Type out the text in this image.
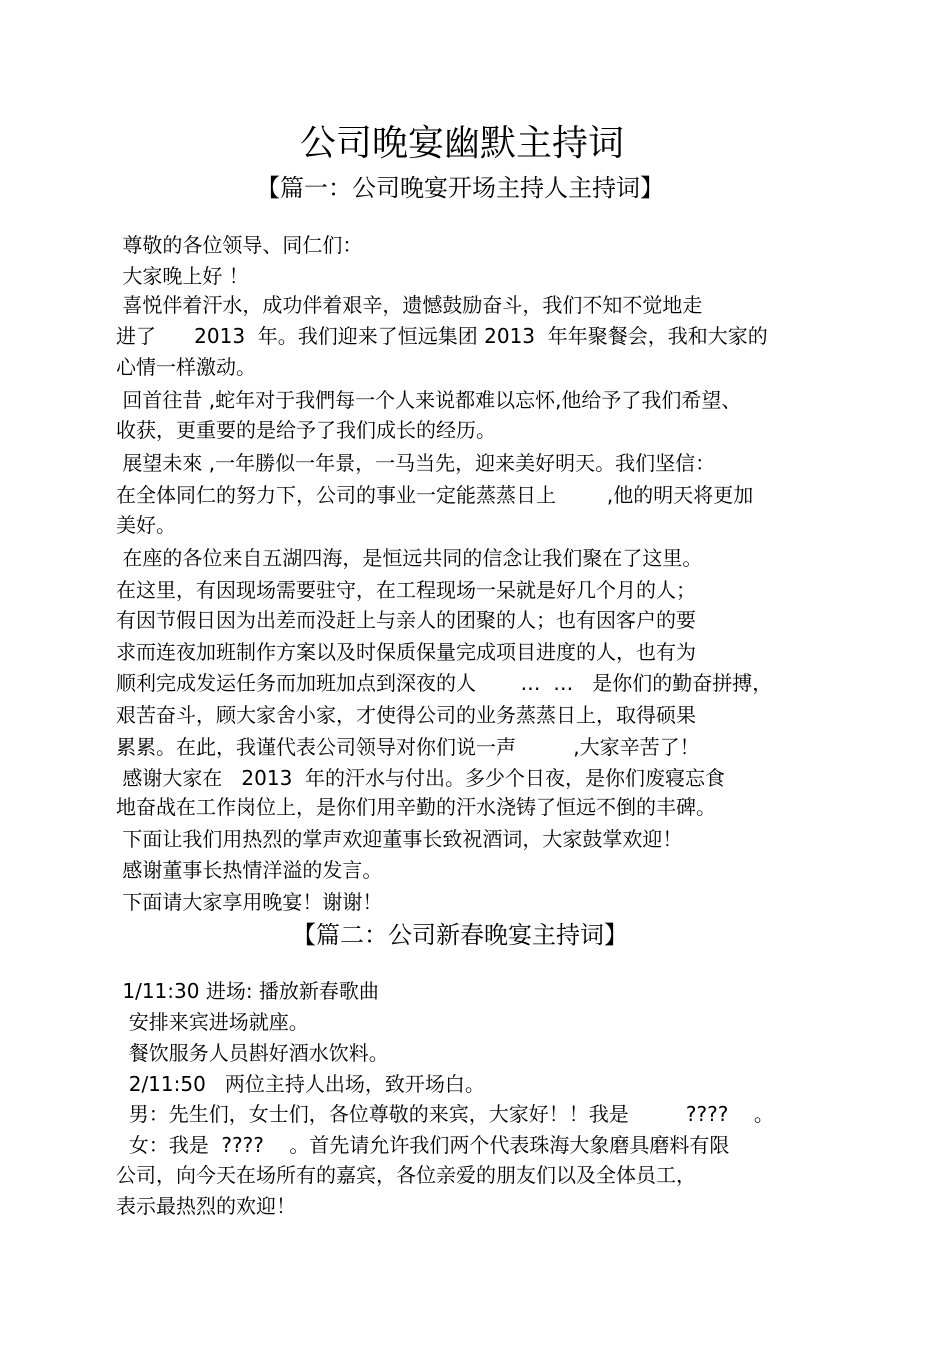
公司晚宴幽默主持词
【篇一：公司晚宴开场主持人主持词】
尊敬的各位领导、同仁们：
大家晚上好 ！
喜悦伴着汗水，成功伴着艰辛，遗憾鼓励奋斗，我们不知不觉地走
进了      2013  年。我们迎来了恒远集团 2013  年年聚餐会，我和大家的
心情一样激动。
回首往昔 ,蛇年对于我們每一个人来说都难以忘怀,他给予了我们希望、
收获，更重要的是给予了我们成长的经历。
展望未來 ,一年勝似一年景，一马当先，迎来美好明天。我们坚信：
在全体同仁的努力下，公司的事业一定能蒸蒸日上        ,他的明天将更加
美好。
在座的各位来自五湖四海，是恒远共同的信念让我们聚在了这里。
在这里，有因现场需要驻守，在工程现场一呆就是好几个月的人；
有因节假日因为出差而没赶上与亲人的团聚的人；也有因客户的要
求而连夜加班制作方案以及时保质保量完成项目进度的人，也有为
顺利完成发运任务而加班加点到深夜的人       …  …   是你们的勤奋拼搏，
艰苦奋斗，顾大家舍小家，才使得公司的业务蒸蒸日上，取得硕果
累累。在此，我谨代表公司领导对你们说一声         ,大家辛苦了！
感谢大家在   2013  年的汗水与付出。多少个日夜，是你们废寝忘食
地奋战在工作岗位上，是你们用辛勤的汗水浇铸了恒远不倒的丰碑。
下面让我们用热烈的掌声欢迎董事长致祝酒词，大家鼓掌欢迎！
感谢董事长热情洋溢的发言。
下面请大家享用晚宴！谢谢！
【篇二：公司新春晚宴主持词】
1/11:30 进场: 播放新春歌曲
安排来宾进场就座。
餐饮服务人员斟好酒水饮料。
2/11:50   两位主持人出场，致开场白。
男：先生们，女士们，各位尊敬的来宾，大家好！！我是         ????    。
女：我是  ????    。首先请允许我们两个代表珠海大象磨具磨料有限
公司，向今天在场所有的嘉宾，各位亲爱的朋友们以及全体员工，
表示最热烈的欢迎！
